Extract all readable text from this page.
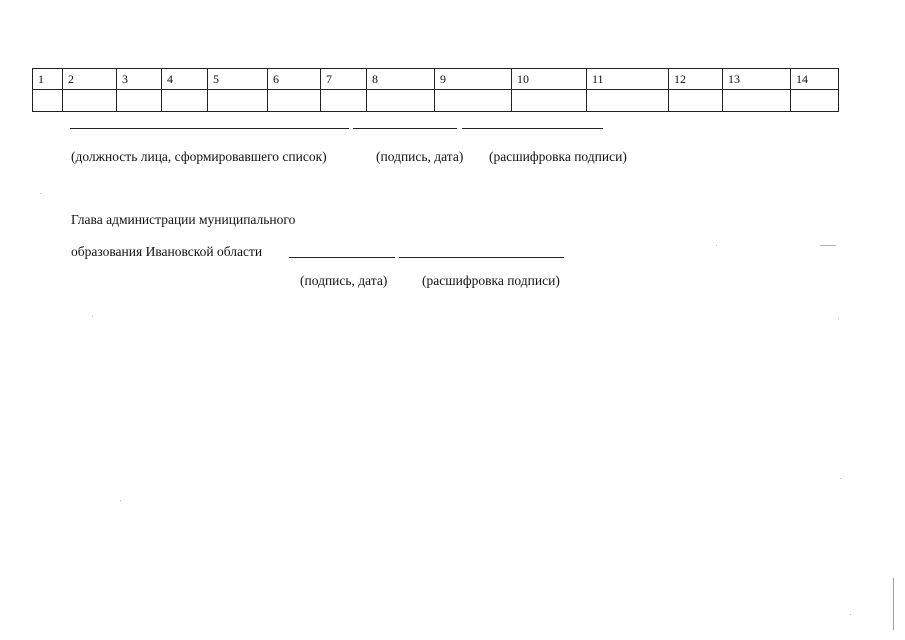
1	2	3	4	5	6	7	8	9	10	11	12	13	14

(должность лица, сформировавшего список)	(подпись, дата) (расшифровка подписи)
Глава администрации муниципального
образования Ивановской области
(подпись, дата)	(расшифровка подписи)
